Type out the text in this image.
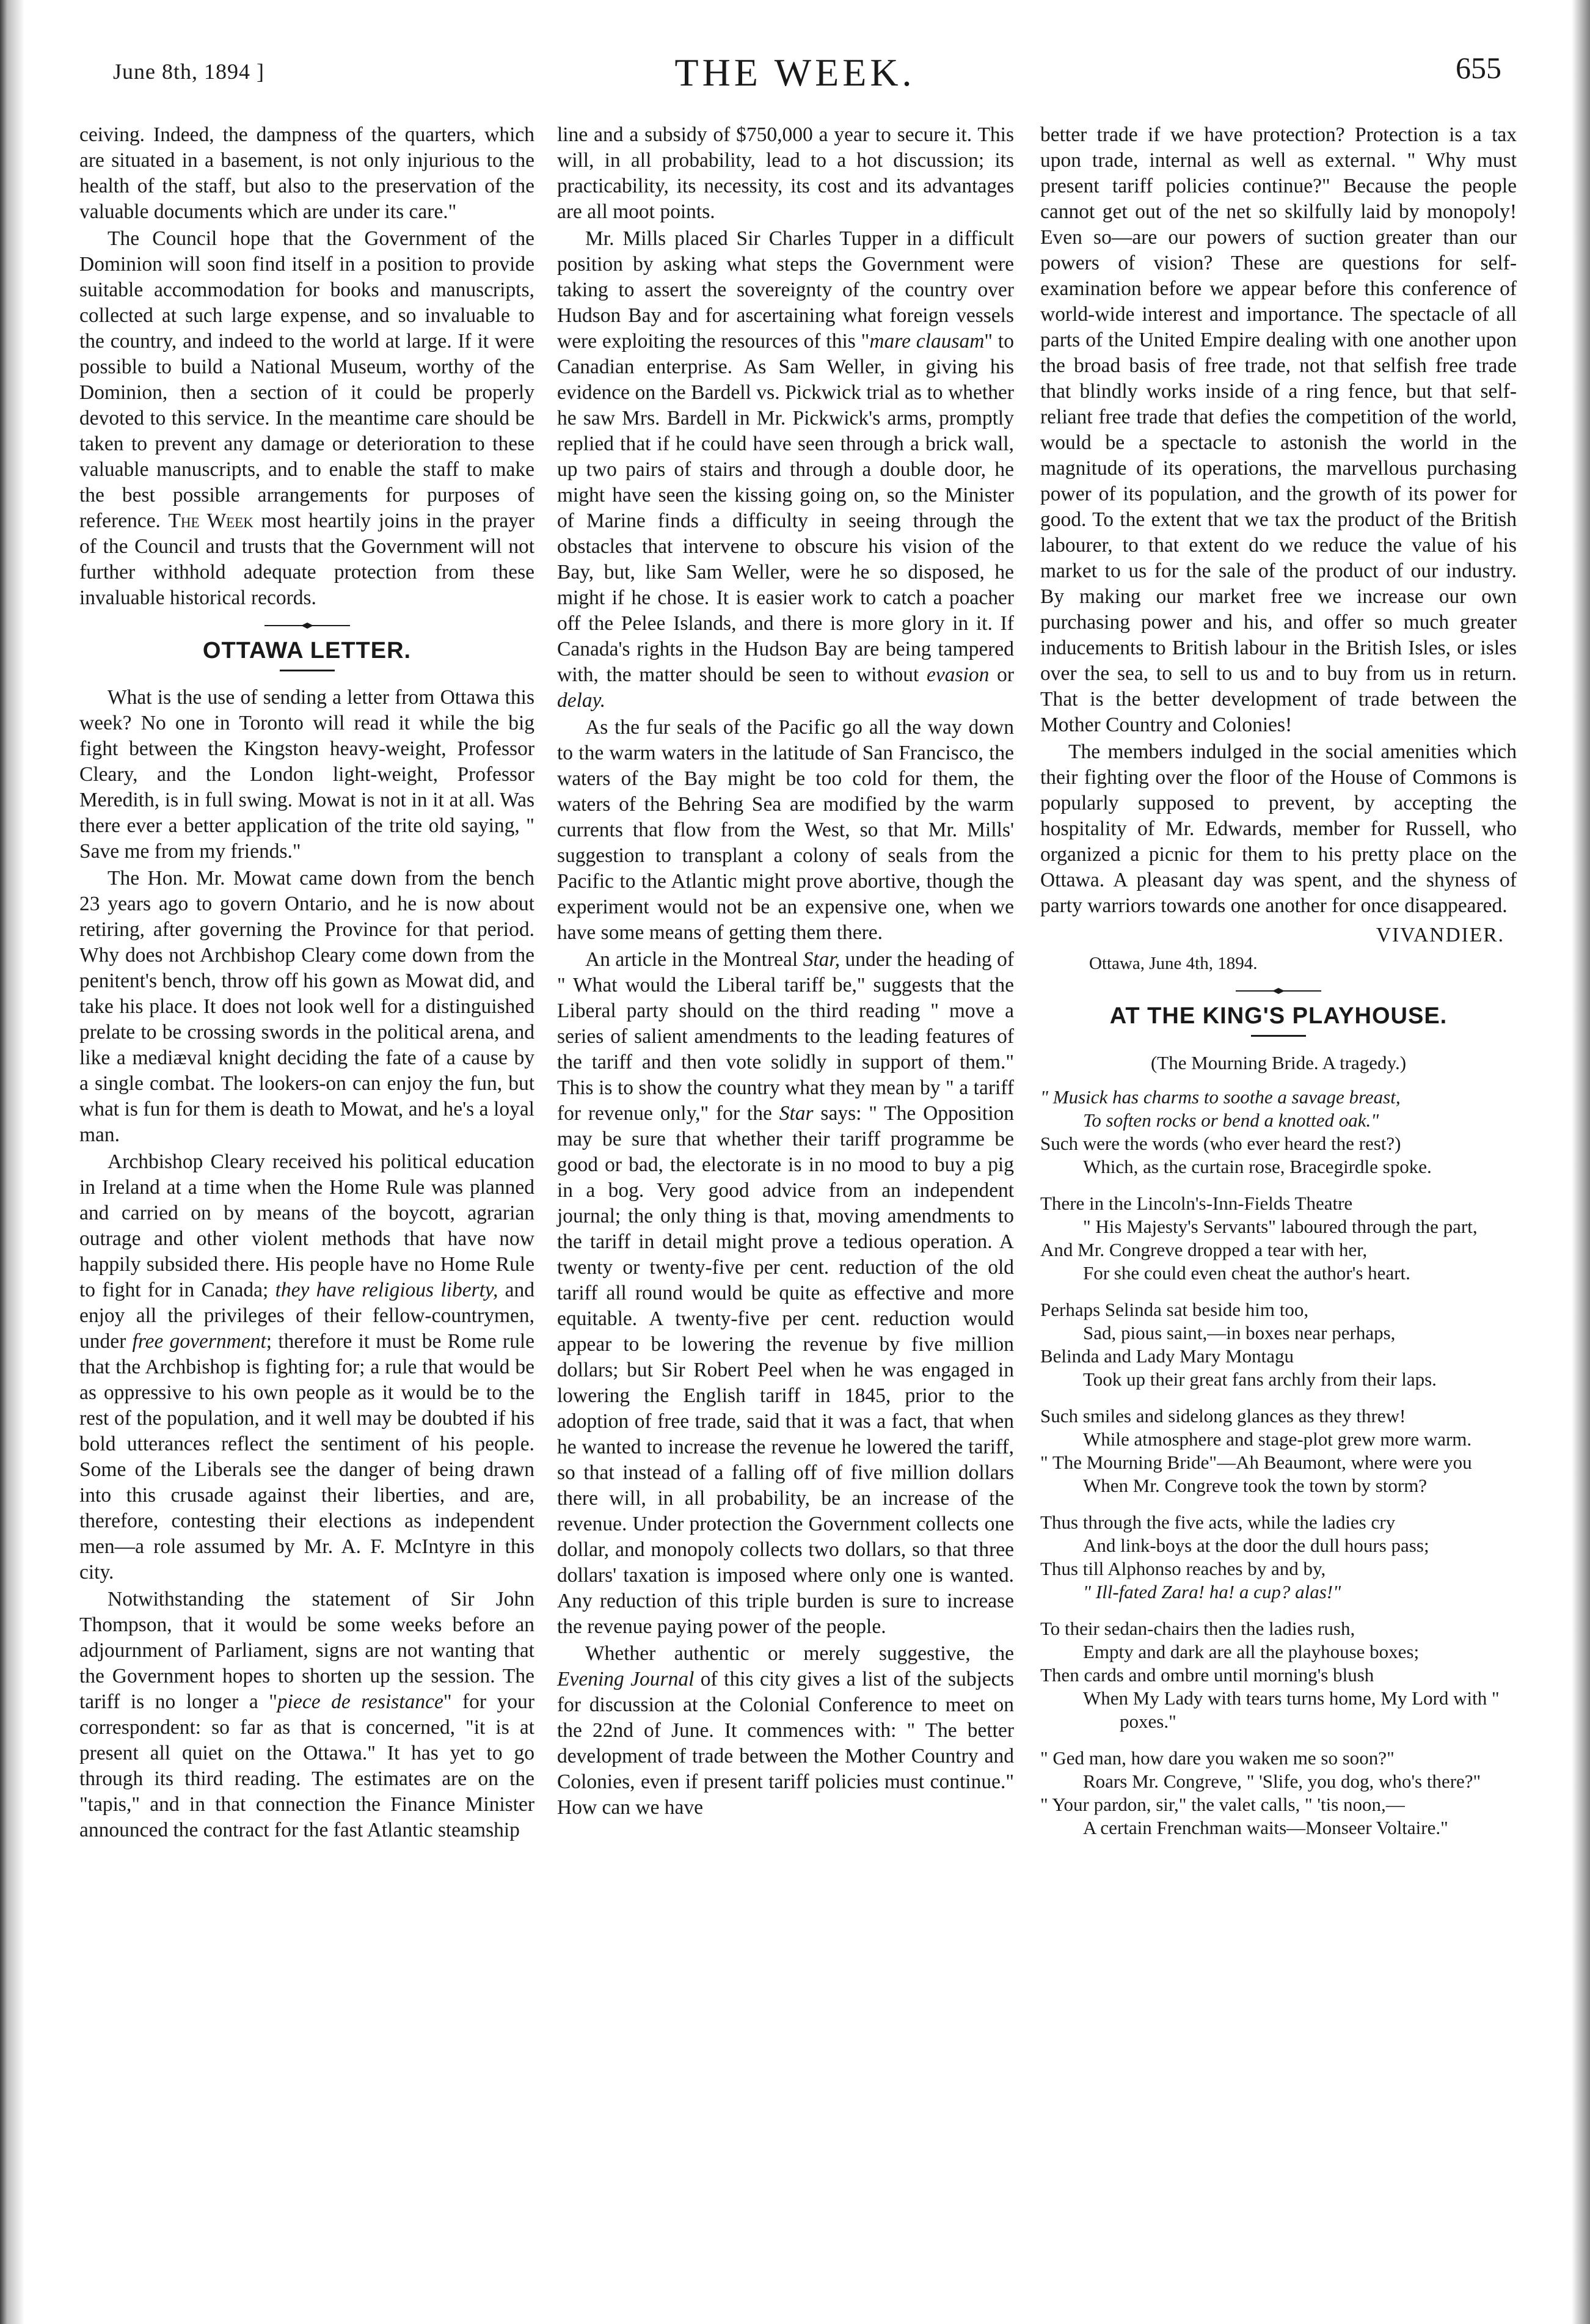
June 8th, 1894 ]	THE WEEK.	655

ceiving. Indeed, the dampness of the quarters, which are situated in a basement, is not only injurious to the health of the staff, but also to the preservation of the valuable documents which are under its care."

The Council hope that the Government of the Dominion will soon find itself in a position to provide suitable accommodation for books and manuscripts, collected at such large expense, and so invaluable to the country, and indeed to the world at large. If it were possible to build a National Museum, worthy of the Dominion, then a section of it could be properly devoted to this service. In the meantime care should be taken to prevent any damage or deterioration to these valuable manuscripts, and to enable the staff to make the best possible arrangements for purposes of reference. The Week most heartily joins in the prayer of the Council and trusts that the Government will not further withhold adequate protection from these invaluable historical records.

OTTAWA LETTER.

What is the use of sending a letter from Ottawa this week? No one in Toronto will read it while the big fight between the Kingston heavy-weight, Professor Cleary, and the London light-weight, Professor Meredith, is in full swing. Mowat is not in it at all. Was there ever a better application of the trite old saying, " Save me from my friends."

The Hon. Mr. Mowat came down from the bench 23 years ago to govern Ontario, and he is now about retiring, after governing the Province for that period. Why does not Archbishop Cleary come down from the penitent's bench, throw off his gown as Mowat did, and take his place. It does not look well for a distinguished prelate to be crossing swords in the political arena, and like a mediæval knight deciding the fate of a cause by a single combat. The lookers-on can enjoy the fun, but what is fun for them is death to Mowat, and he's a loyal man.

Archbishop Cleary received his political education in Ireland at a time when the Home Rule was planned and carried on by means of the boycott, agrarian outrage and other violent methods that have now happily subsided there. His people have no Home Rule to fight for in Canada; they have religious liberty, and enjoy all the privileges of their fellow-countrymen, under free government; therefore it must be Rome rule that the Archbishop is fighting for; a rule that would be as oppressive to his own people as it would be to the rest of the population, and it well may be doubted if his bold utterances reflect the sentiment of his people. Some of the Liberals see the danger of being drawn into this crusade against their liberties, and are, therefore, contesting their elections as independent men—a role assumed by Mr. A. F. McIntyre in this city.

Notwithstanding the statement of Sir John Thompson, that it would be some weeks before an adjournment of Parliament, signs are not wanting that the Government hopes to shorten up the session. The tariff is no longer a "piece de resistance" for your correspondent: so far as that is concerned, "it is at present all quiet on the Ottawa." It has yet to go through its third reading. The estimates are on the "tapis," and in that connection the Finance Minister announced the contract for the fast Atlantic steamship

line and a subsidy of $750,000 a year to secure it. This will, in all probability, lead to a hot discussion; its practicability, its necessity, its cost and its advantages are all moot points.

Mr. Mills placed Sir Charles Tupper in a difficult position by asking what steps the Government were taking to assert the sovereignty of the country over Hudson Bay and for ascertaining what foreign vessels were exploiting the resources of this "mare clausam" to Canadian enterprise. As Sam Weller, in giving his evidence on the Bardell vs. Pickwick trial as to whether he saw Mrs. Bardell in Mr. Pickwick's arms, promptly replied that if he could have seen through a brick wall, up two pairs of stairs and through a double door, he might have seen the kissing going on, so the Minister of Marine finds a difficulty in seeing through the obstacles that intervene to obscure his vision of the Bay, but, like Sam Weller, were he so disposed, he might if he chose. It is easier work to catch a poacher off the Pelee Islands, and there is more glory in it. If Canada's rights in the Hudson Bay are being tampered with, the matter should be seen to without evasion or delay.

As the fur seals of the Pacific go all the way down to the warm waters in the latitude of San Francisco, the waters of the Bay might be too cold for them, the waters of the Behring Sea are modified by the warm currents that flow from the West, so that Mr. Mills' suggestion to transplant a colony of seals from the Pacific to the Atlantic might prove abortive, though the experiment would not be an expensive one, when we have some means of getting them there.

An article in the Montreal Star, under the heading of " What would the Liberal tariff be," suggests that the Liberal party should on the third reading " move a series of salient amendments to the leading features of the tariff and then vote solidly in support of them." This is to show the country what they mean by " a tariff for revenue only," for the Star says: " The Opposition may be sure that whether their tariff programme be good or bad, the electorate is in no mood to buy a pig in a bog. Very good advice from an independent journal; the only thing is that, moving amendments to the tariff in detail might prove a tedious operation. A twenty or twenty-five per cent. reduction of the old tariff all round would be quite as effective and more equitable. A twenty-five per cent. reduction would appear to be lowering the revenue by five million dollars; but Sir Robert Peel when he was engaged in lowering the English tariff in 1845, prior to the adoption of free trade, said that it was a fact, that when he wanted to increase the revenue he lowered the tariff, so that instead of a falling off of five million dollars there will, in all probability, be an increase of the revenue. Under protection the Government collects one dollar, and monopoly collects two dollars, so that three dollars' taxation is imposed where only one is wanted. Any reduction of this triple burden is sure to increase the revenue paying power of the people.

Whether authentic or merely suggestive, the Evening Journal of this city gives a list of the subjects for discussion at the Colonial Conference to meet on the 22nd of June. It commences with: " The better development of trade between the Mother Country and Colonies, even if present tariff policies must continue." How can we have

better trade if we have protection? Protection is a tax upon trade, internal as well as external. " Why must present tariff policies continue?" Because the people cannot get out of the net so skilfully laid by monopoly! Even so—are our powers of suction greater than our powers of vision? These are questions for self-examination before we appear before this conference of world-wide interest and importance. The spectacle of all parts of the United Empire dealing with one another upon the broad basis of free trade, not that selfish free trade that blindly works inside of a ring fence, but that self-reliant free trade that defies the competition of the world, would be a spectacle to astonish the world in the magnitude of its operations, the marvellous purchasing power of its population, and the growth of its power for good. To the extent that we tax the product of the British labourer, to that extent do we reduce the value of his market to us for the sale of the product of our industry. By making our market free we increase our own purchasing power and his, and offer so much greater inducements to British labour in the British Isles, or isles over the sea, to sell to us and to buy from us in return. That is the better development of trade between the Mother Country and Colonies!

The members indulged in the social amenities which their fighting over the floor of the House of Commons is popularly supposed to prevent, by accepting the hospitality of Mr. Edwards, member for Russell, who organized a picnic for them to his pretty place on the Ottawa. A pleasant day was spent, and the shyness of party warriors towards one another for once disappeared.

VIVANDIER.
Ottawa, June 4th, 1894.
AT THE KING'S PLAYHOUSE.
(The Mourning Bride. A tragedy.)
" Musick has charms to soothe a savage breast,
To soften rocks or bend a knotted oak."
Such were the words (who ever heard the rest?)
Which, as the curtain rose, Bracegirdle spoke.
There in the Lincoln's-Inn-Fields Theatre
" His Majesty's Servants" laboured through the part,
And Mr. Congreve dropped a tear with her,
For she could even cheat the author's heart.
Perhaps Selinda sat beside him too,
Sad, pious saint,—in boxes near perhaps,
Belinda and Lady Mary Montagu
Took up their great fans archly from their laps.
Such smiles and sidelong glances as they threw!
While atmosphere and stage-plot grew more warm.
" The Mourning Bride"—Ah Beaumont, where were you
When Mr. Congreve took the town by storm?
Thus through the five acts, while the ladies cry
And link-boys at the door the dull hours pass;
Thus till Alphonso reaches by and by,
" Ill-fated Zara! ha! a cup? alas!"
To their sedan-chairs then the ladies rush,
Empty and dark are all the playhouse boxes;
Then cards and ombre until morning's blush
When My Lady with tears turns home, My Lord with " poxes."
" Ged man, how dare you waken me so soon?"
Roars Mr. Congreve, " 'Slife, you dog, who's there?"
" Your pardon, sir," the valet calls, " 'tis noon,—
A certain Frenchman waits—Monseer Voltaire."
